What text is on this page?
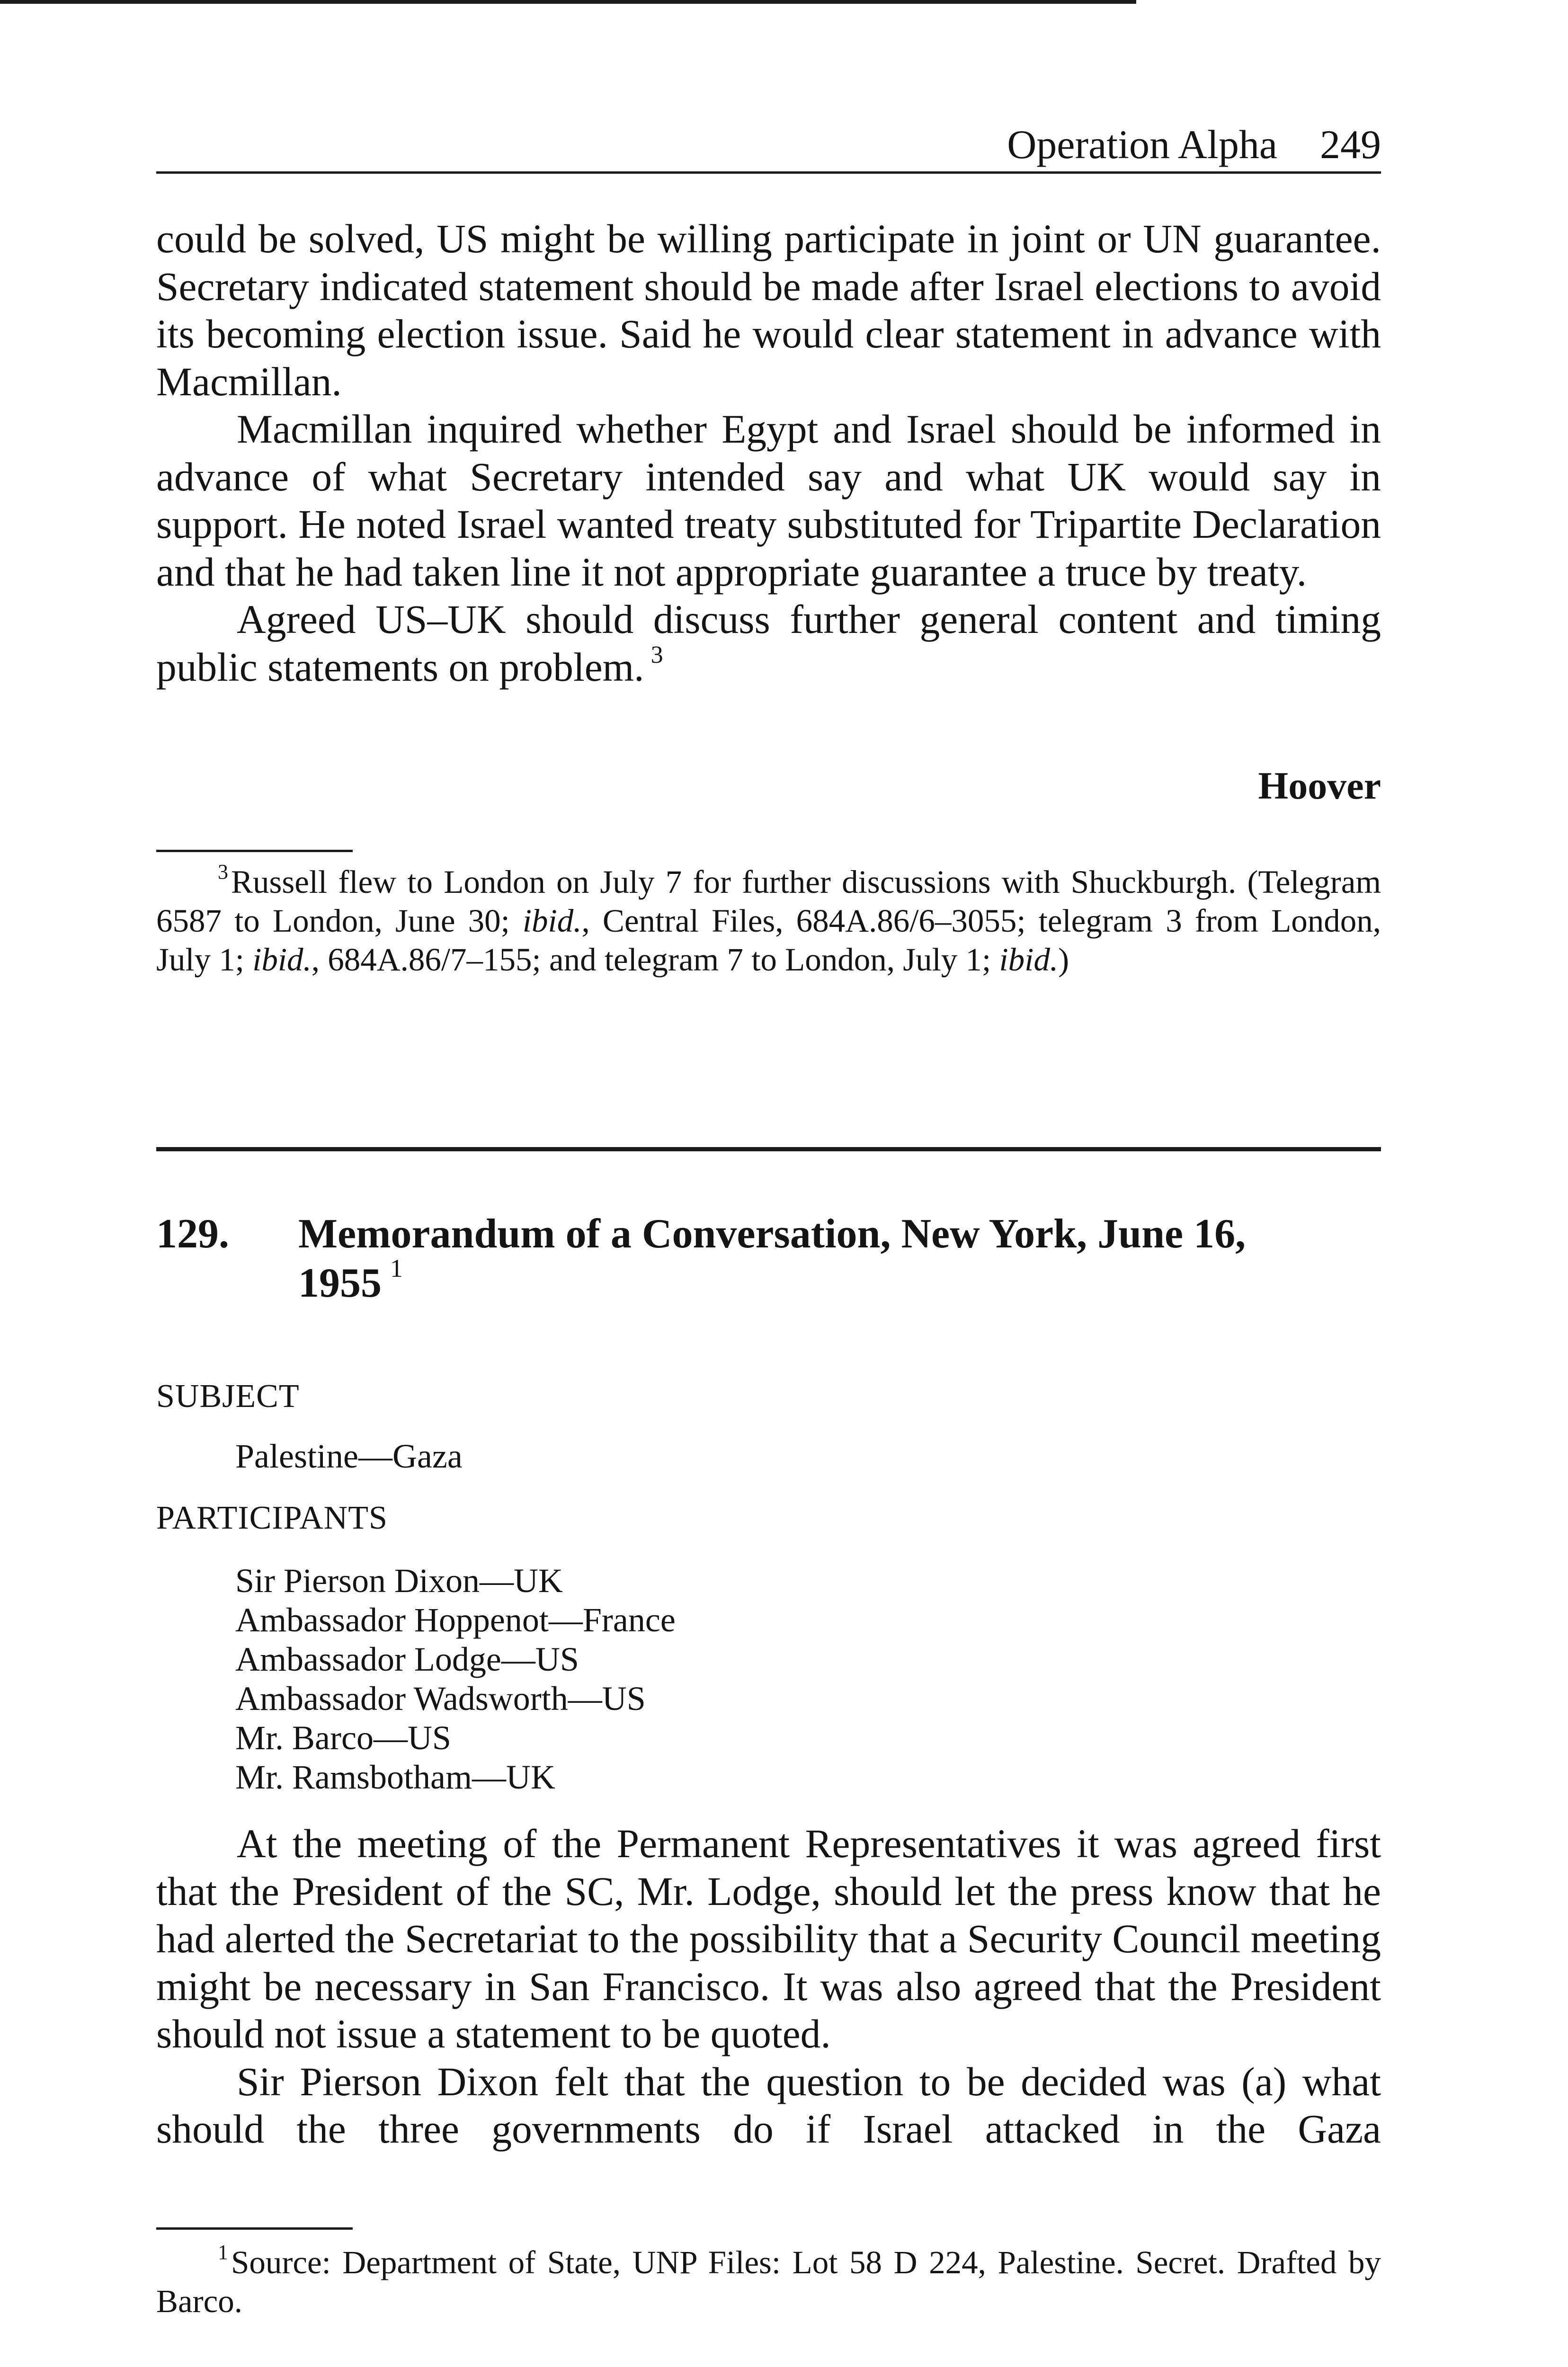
Operation Alpha 249

could be solved, US might be willing participate in joint or UN guarantee. Secretary indicated statement should be made after Israel elections to avoid its becoming election issue. Said he would clear statement in advance with Macmillan.

Macmillan inquired whether Egypt and Israel should be informed in advance of what Secretary intended say and what UK would say in support. He noted Israel wanted treaty substituted for Tripartite Declaration and that he had taken line it not appropriate guarantee a truce by treaty.

Agreed US–UK should discuss further general content and timing public statements on problem. $^3$

Hoover

$^3$Russell flew to London on July 7 for further discussions with Shuckburgh. (Telegram 6587 to London, June 30; ibid., Central Files, 684A.86/6–3055; telegram 3 from London, July 1; ibid., 684A.86/7–155; and telegram 7 to London, July 1; ibid.)

129. Memorandum of a Conversation, New York, June 16, 1955 $^1$
SUBJECT
Palestine—Gaza
PARTICIPANTS
Sir Pierson Dixon—UK
Ambassador Hoppenot—France
Ambassador Lodge—US
Ambassador Wadsworth—US
Mr. Barco—US
Mr. Ramsbotham—UK

At the meeting of the Permanent Representatives it was agreed first that the President of the SC, Mr. Lodge, should let the press know that he had alerted the Secretariat to the possibility that a Security Council meeting might be necessary in San Francisco. It was also agreed that the President should not issue a statement to be quoted.

Sir Pierson Dixon felt that the question to be decided was (a) what should the three governments do if Israel attacked in the Gaza

$^1$Source: Department of State, UNP Files: Lot 58 D 224, Palestine. Secret. Drafted by Barco.
